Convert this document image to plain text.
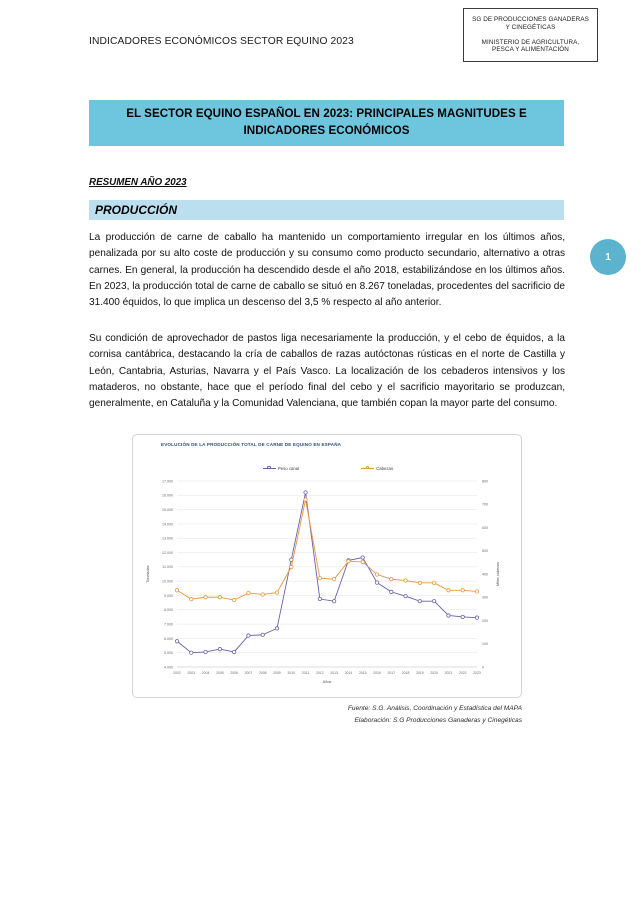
INDICADORES ECONÓMICOS SECTOR EQUINO 2023
SG DE PRODUCCIONES GANADERAS
Y CINEGÉTICAS
MINISTERIO DE AGRICULTURA,
PESCA Y ALIMENTACIÓN
EL SECTOR EQUINO ESPAÑOL EN 2023: PRINCIPALES MAGNITUDES E INDICADORES ECONÓMICOS
RESUMEN AÑO 2023
PRODUCCIÓN
La producción de carne de caballo ha mantenido un comportamiento irregular en los últimos años, penalizada por su alto coste de producción y su consumo como producto secundario, alternativo a otras carnes. En general, la producción ha descendido desde el año 2018, estabilizándose en los últimos años. En 2023, la producción total de carne de caballo se situó en 8.267 toneladas, procedentes del sacrificio de 31.400 équidos, lo que implica un descenso del 3,5 % respecto al año anterior.
Su condición de aprovechador de pastos liga necesariamente la producción, y el cebo de équidos, a la cornisa cantábrica, destacando la cría de caballos de razas autóctonas rústicas en el norte de Castilla y León, Cantabria, Asturias, Navarra y el País Vasco. La localización de los cebaderos intensivos y los mataderos, no obstante, hace que el período final del cebo y el sacrificio mayoritario se produzcan, generalmente, en Cataluña y la Comunidad Valenciana, que también copan la mayor parte del consumo.
1
EVOLUCIÓN DE LA PRODUCCIÓN TOTAL DE CARNE DE EQUINO EN ESPAÑA
Peso canal	Cabezas
4.000
5.000
6.000
7.000
8.000
9.000
10.000
11.000
12.000
13.000
14.000
15.000
16.000
17.000
0
100
200
300
400
500
600
700
800
2002 2003 2004 2005 2006 2007 2008 2009 2010 2011 2012 2013 2014 2015 2016 2017 2018 2019 2020 2021 2022 2023
Años
Toneladas	Miles cabezas
Fuente: S.G. Análisis, Coordinación y Estadística del MAPA
Elaboración: S.G Producciones Ganaderas y Cinegéticas
